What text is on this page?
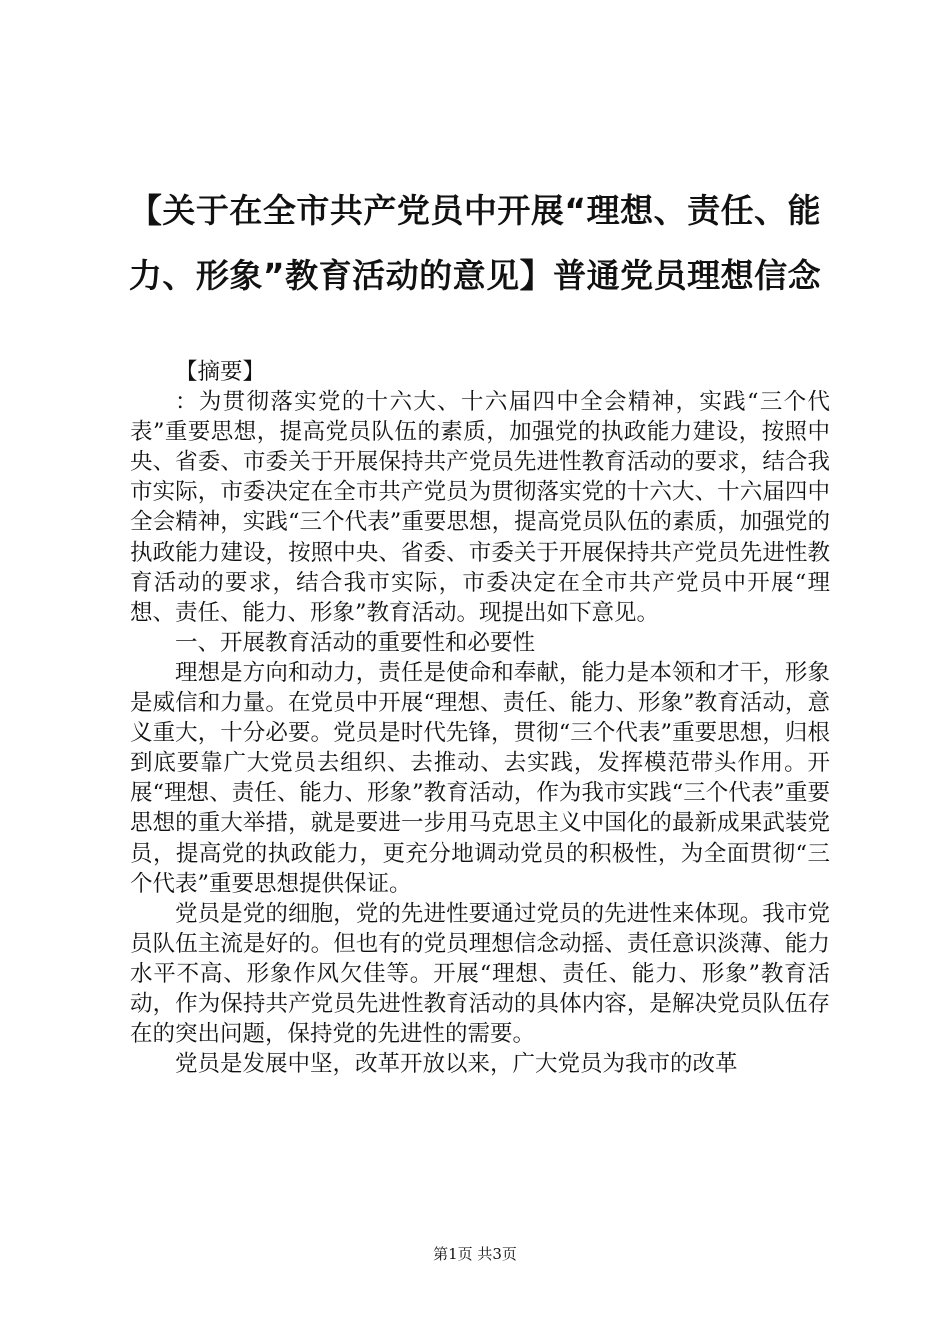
【关于在全市共产党员中开展“理想、责任、能力、形象”教育活动的意见】普通党员理想信念

【摘要】

：为贯彻落实党的十六大、十六届四中全会精神，实践“三个代表”重要思想，提高党员队伍的素质，加强党的执政能力建设，按照中央、省委、市委关于开展保持共产党员先进性教育活动的要求，结合我市实际，市委决定在全市共产党员为贯彻落实党的十六大、十六届四中全会精神，实践“三个代表”重要思想，提高党员队伍的素质，加强党的执政能力建设，按照中央、省委、市委关于开展保持共产党员先进性教育活动的要求，结合我市实际，市委决定在全市共产党员中开展“理想、责任、能力、形象”教育活动。现提出如下意见。

一、开展教育活动的重要性和必要性

理想是方向和动力，责任是使命和奉献，能力是本领和才干，形象是威信和力量。在党员中开展“理想、责任、能力、形象”教育活动，意义重大，十分必要。党员是时代先锋，贯彻“三个代表”重要思想，归根到底要靠广大党员去组织、去推动、去实践，发挥模范带头作用。开展“理想、责任、能力、形象”教育活动，作为我市实践“三个代表”重要思想的重大举措，就是要进一步用马克思主义中国化的最新成果武装党员，提高党的执政能力，更充分地调动党员的积极性，为全面贯彻“三个代表”重要思想提供保证。

党员是党的细胞，党的先进性要通过党员的先进性来体现。我市党员队伍主流是好的。但也有的党员理想信念动摇、责任意识淡薄、能力水平不高、形象作风欠佳等。开展“理想、责任、能力、形象”教育活动，作为保持共产党员先进性教育活动的具体内容，是解决党员队伍存在的突出问题，保持党的先进性的需要。

党员是发展中坚，改革开放以来，广大党员为我市的改革

第1页 共3页
